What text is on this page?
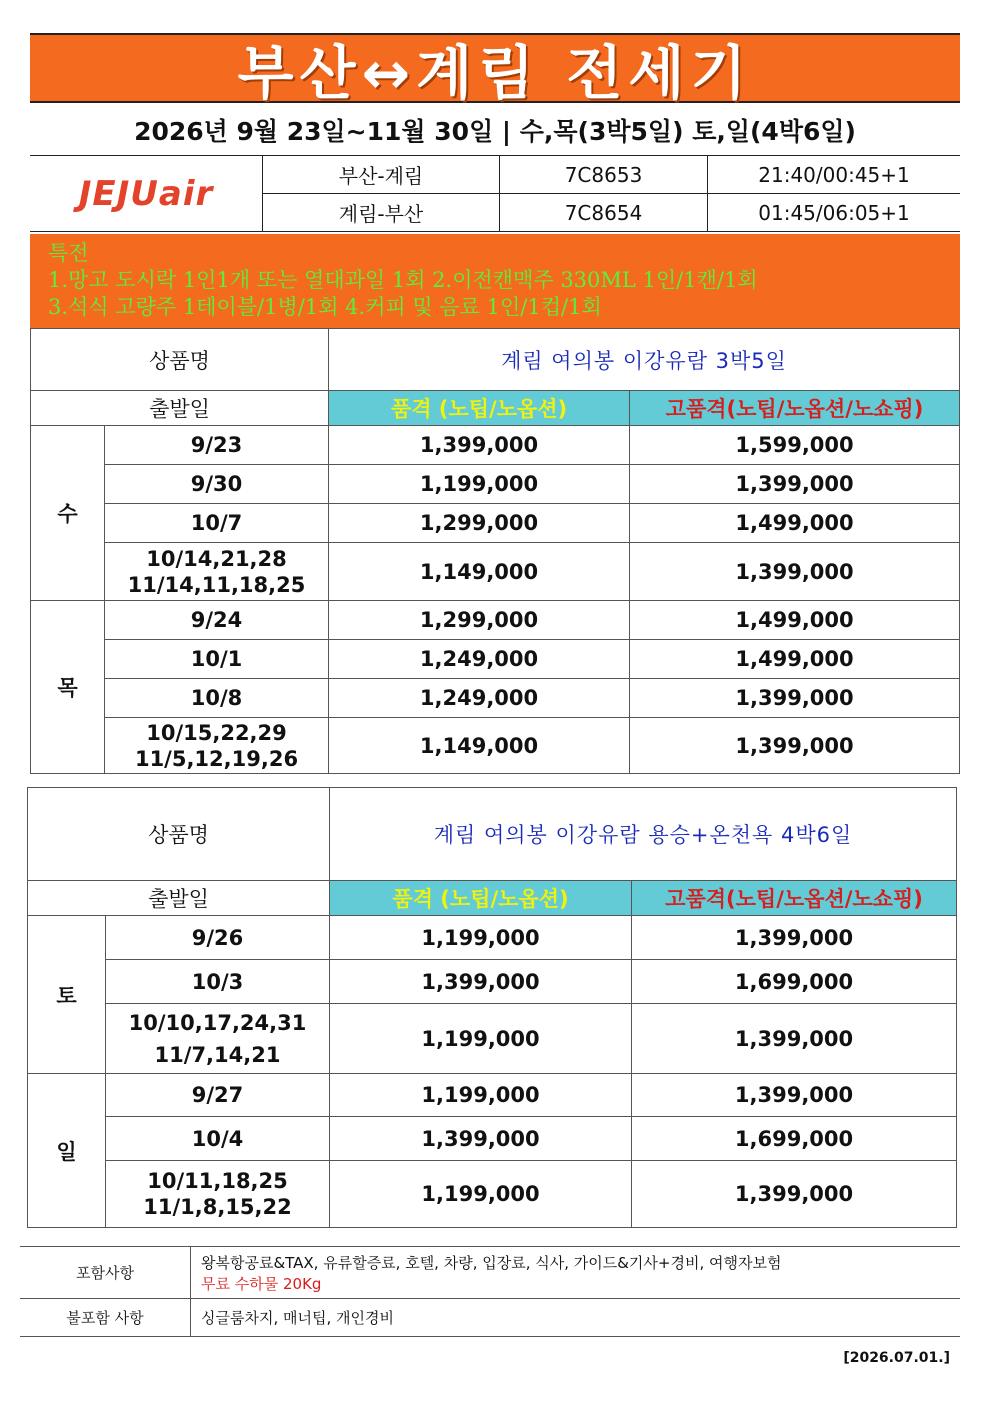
부산↔계림 전세기
2026년 9월 23일~11월 30일 | 수,목(3박5일) 토,일(4박6일)
JEJUair	부산-계림	7C8653	21:40/00:45+1
계림-부산	7C8654	01:45/06:05+1
특전
1.망고 도시락 1인1개 또는 열대과일 1회 2.이전캔맥주 330ML 1인/1캔/1회
3.석식 고량주 1테이블/1병/1회 4.커피 및 음료 1인/1컵/1회
상품명		계림 여의봉 이강유람 3박5일	
출발일		품격 (노팁/노옵션)	고품격(노팁/노옵션/노쇼핑)
수	9/23	1,399,000	1,599,000
	9/30	1,199,000	1,399,000
	10/7	1,299,000	1,499,000

	10/14,21,28
11/14,11,18,25	1,149,000	1,399,000
목	9/24	1,299,000	1,499,000
	10/1	1,249,000	1,499,000
	10/8	1,249,000	1,399,000

	10/15,22,29
11/5,12,19,26	1,149,000	1,399,000
상품명		계림 여의봉 이강유람 용승+온천욕 4박6일	
출발일		품격 (노팁/노옵션)	고품격(노팁/노옵션/노쇼핑)
토	9/26	1,199,000	1,399,000
	10/3	1,399,000	1,699,000

	10/10,17,24,31
11/7,14,21	1,199,000	1,399,000
일	9/27	1,199,000	1,399,000
	10/4	1,399,000	1,699,000

	10/11,18,25
11/1,8,15,22	1,199,000	1,399,000
포함사항	왕복항공료&TAX, 유류할증료, 호텔, 차량, 입장료, 식사, 가이드&기사+경비, 여행자보험
무료 수하물 20Kg

불포함 사항	싱글룸차지, 매너팁, 개인경비
[2026.07.01.]
